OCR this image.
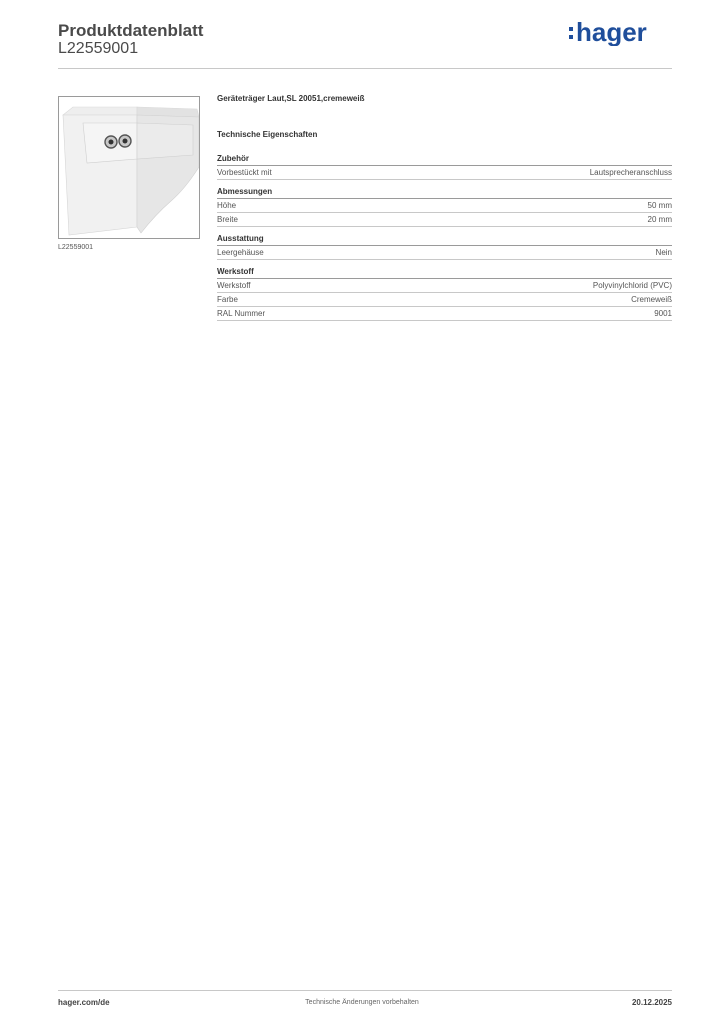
Produktdatenblatt
L22559001
hager
L22559001
Geräteträger Laut,SL 20051,cremeweiß
Technische Eigenschaften
Zubehör
Vorbestückt mit	Lautsprecheranschluss
Abmessungen
Höhe	50 mm
Breite	20 mm
Ausstattung
Leergehäuse	Nein
Werkstoff
Werkstoff	Polyvinylchlorid (PVC)
Farbe	Cremeweiß
RAL Nummer	9001
hager.com/de	Technische Änderungen vorbehalten	20.12.2025
